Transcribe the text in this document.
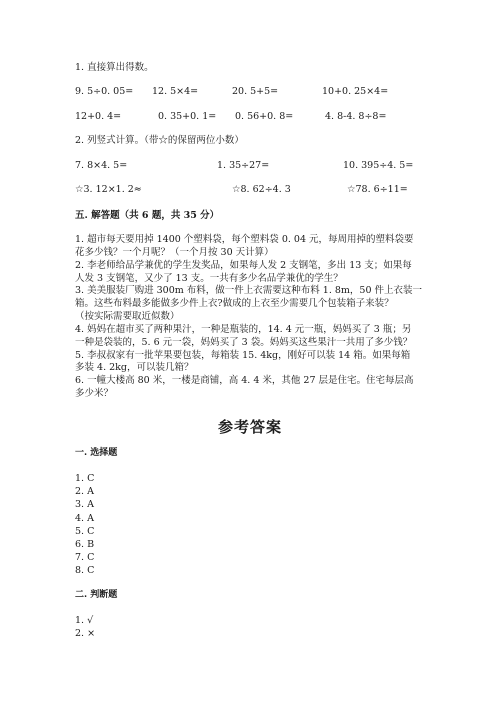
1. 直接算出得数。
9. 5÷0. 05= 12. 5×4=	20. 5+5=	10+0. 25×4=
12+0. 4=	0. 35+0. 1= 0. 56+0. 8=	4. 8-4. 8÷8=
2. 列竖式计算。（带☆的保留两位小数）
7. 8×4. 5=	1. 35÷27=	10. 395÷4. 5=
☆3. 12×1. 2≈	☆8. 62÷4. 3	☆78. 6÷11=
五. 解答题（共 6 题，共 35 分）
1. 超市每天要用掉 1400 个塑料袋，每个塑料袋 0. 04 元，每周用掉的塑料袋要
花多少钱？一个月呢？（一个月按 30 天计算）
2. 李老师给品学兼优的学生发奖品，如果每人发 2 支钢笔，多出 13 支；如果每
人发 3 支钢笔，又少了 13 支。一共有多少名品学兼优的学生？
3. 美美服装厂购进 300m 布料，做一件上衣需要这种布料 1. 8m，50 件上衣装一
箱。这些布料最多能做多少件上衣?做成的上衣至少需要几个包装箱子来装？
（按实际需要取近似数）
4. 妈妈在超市买了两种果汁，一种是瓶装的，14. 4 元一瓶，妈妈买了 3 瓶；另
一种是袋装的，5. 6 元一袋，妈妈买了 3 袋。妈妈买这些果汁一共用了多少钱？
5. 李叔叔家有一批苹果要包装，每箱装 15. 4kg，刚好可以装 14 箱。如果每箱
多装 4. 2kg，可以装几箱？
6. 一幢大楼高 80 米，一楼是商铺，高 4. 4 米，其他 27 层是住宅。住宅每层高
多少米？
参考答案
一. 选择题
1. C
2. A
3. A
4. A
5. C
6. B
7. C
8. C
二. 判断题
1. √
2. ×
